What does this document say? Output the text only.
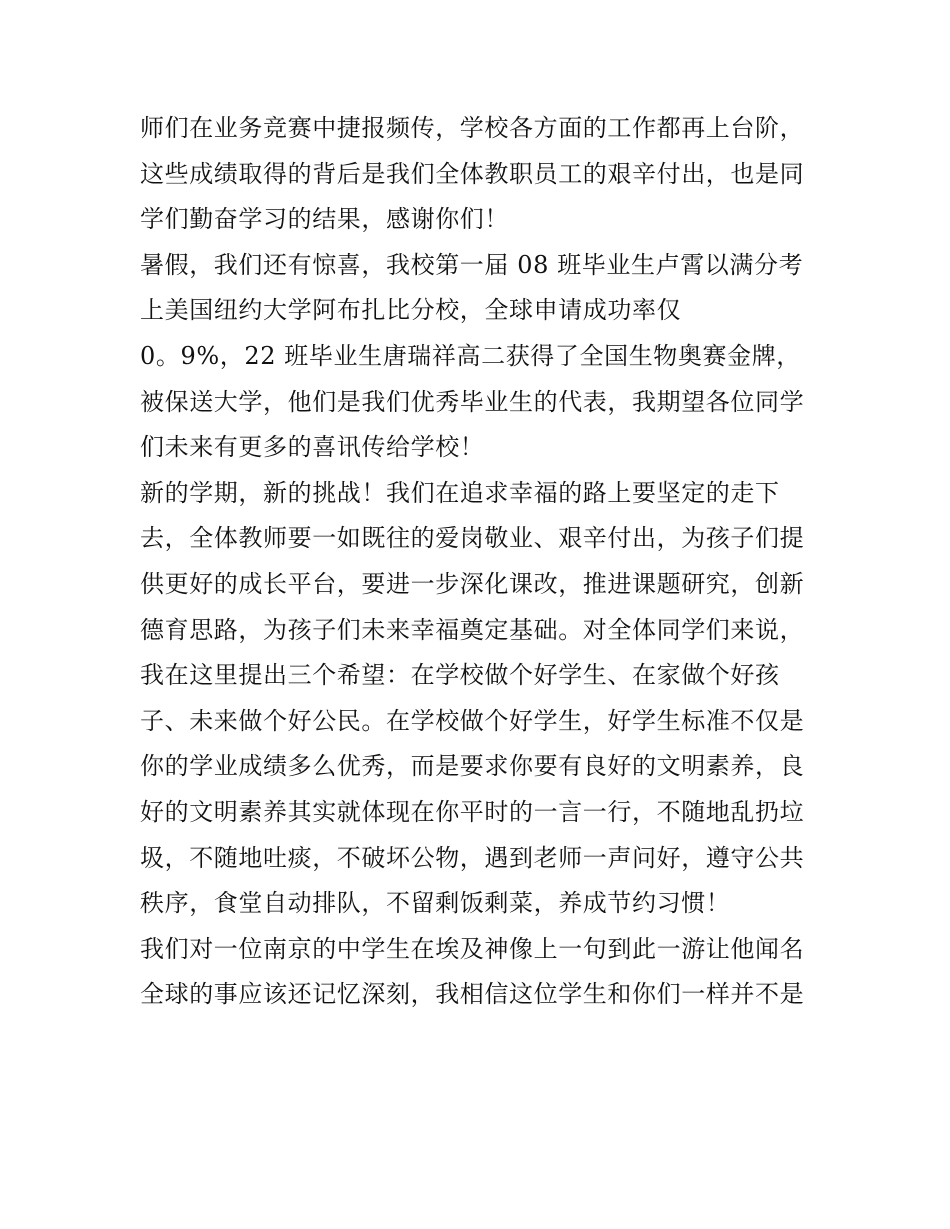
师们在业务竞赛中捷报频传，学校各方面的工作都再上台阶，
这些成绩取得的背后是我们全体教职员工的艰辛付出，也是同
学们勤奋学习的结果，感谢你们！
暑假，我们还有惊喜，我校第一届 08 班毕业生卢霄以满分考
上美国纽约大学阿布扎比分校，全球申请成功率仅
0。9%，22 班毕业生唐瑞祥高二获得了全国生物奥赛金牌，
被保送大学，他们是我们优秀毕业生的代表，我期望各位同学
们未来有更多的喜讯传给学校！
新的学期，新的挑战！我们在追求幸福的路上要坚定的走下
去，全体教师要一如既往的爱岗敬业、艰辛付出，为孩子们提
供更好的成长平台，要进一步深化课改，推进课题研究，创新
德育思路，为孩子们未来幸福奠定基础。对全体同学们来说，
我在这里提出三个希望：在学校做个好学生、在家做个好孩
子、未来做个好公民。在学校做个好学生，好学生标准不仅是
你的学业成绩多么优秀，而是要求你要有良好的文明素养，良
好的文明素养其实就体现在你平时的一言一行，不随地乱扔垃
圾，不随地吐痰，不破坏公物，遇到老师一声问好，遵守公共
秩序，食堂自动排队，不留剩饭剩菜，养成节约习惯！
我们对一位南京的中学生在埃及神像上一句到此一游让他闻名
全球的事应该还记忆深刻，我相信这位学生和你们一样并不是
